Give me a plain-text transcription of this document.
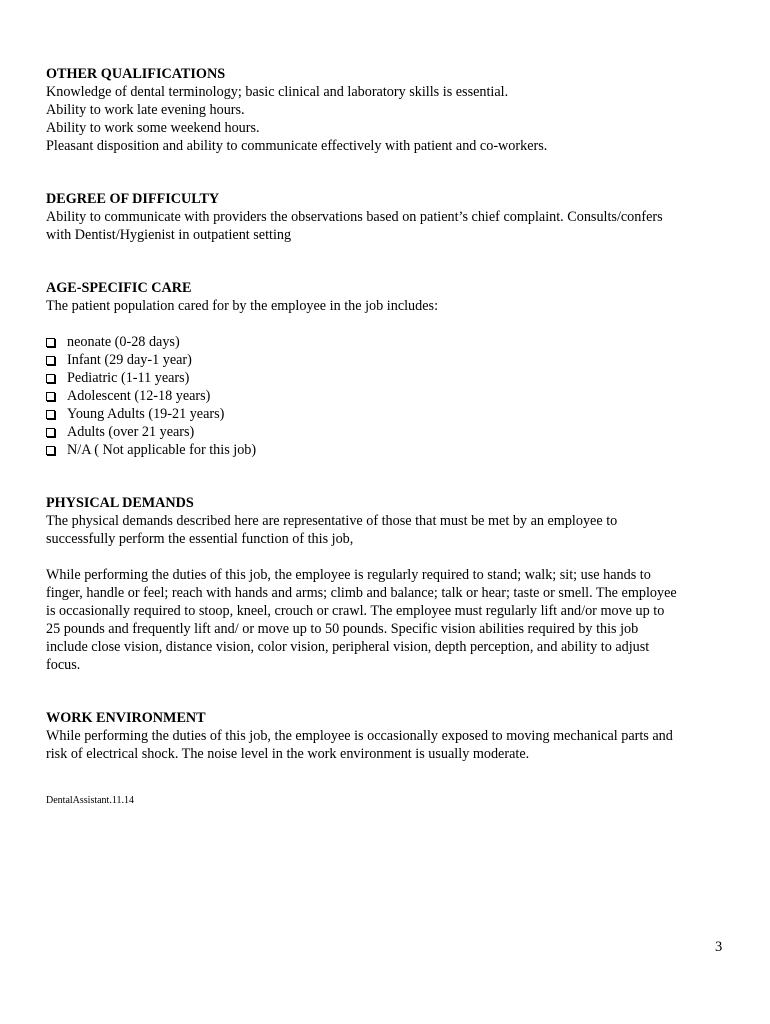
OTHER QUALIFICATIONS

Knowledge of dental terminology; basic clinical and laboratory skills is essential.

Ability to work late evening hours.

Ability to work some weekend hours.

Pleasant disposition and ability to communicate effectively with patient and co-workers.

DEGREE OF DIFFICULTY

Ability to communicate with providers the observations based on patient’s chief complaint. Consults/confers

with Dentist/Hygienist in outpatient setting

AGE-SPECIFIC CARE

The patient population cared for by the employee in the job includes:

neonate (0-28 days)
Infant (29 day-1 year)
Pediatric (1-11 years)
Adolescent (12-18 years)
Young Adults (19-21 years)
Adults (over 21 years)
N/A ( Not applicable for this job)

PHYSICAL DEMANDS

The physical demands described here are representative of those that must be met by an employee to

successfully perform the essential function of this job,

While performing the duties of this job, the employee is regularly required to stand; walk; sit; use hands to

finger, handle or feel; reach with hands and arms; climb and balance; talk or hear; taste or smell. The employee

is occasionally required to stoop, kneel, crouch or crawl. The employee must regularly lift and/or move up to

25 pounds and frequently lift and/ or move up to 50 pounds. Specific vision abilities required by this job

include close vision, distance vision, color vision, peripheral vision, depth perception, and ability to adjust

focus.

WORK ENVIRONMENT

While performing the duties of this job, the employee is occasionally exposed to moving mechanical parts and

risk of electrical shock. The noise level in the work environment is usually moderate.

DentalAssistant.11.14
3
